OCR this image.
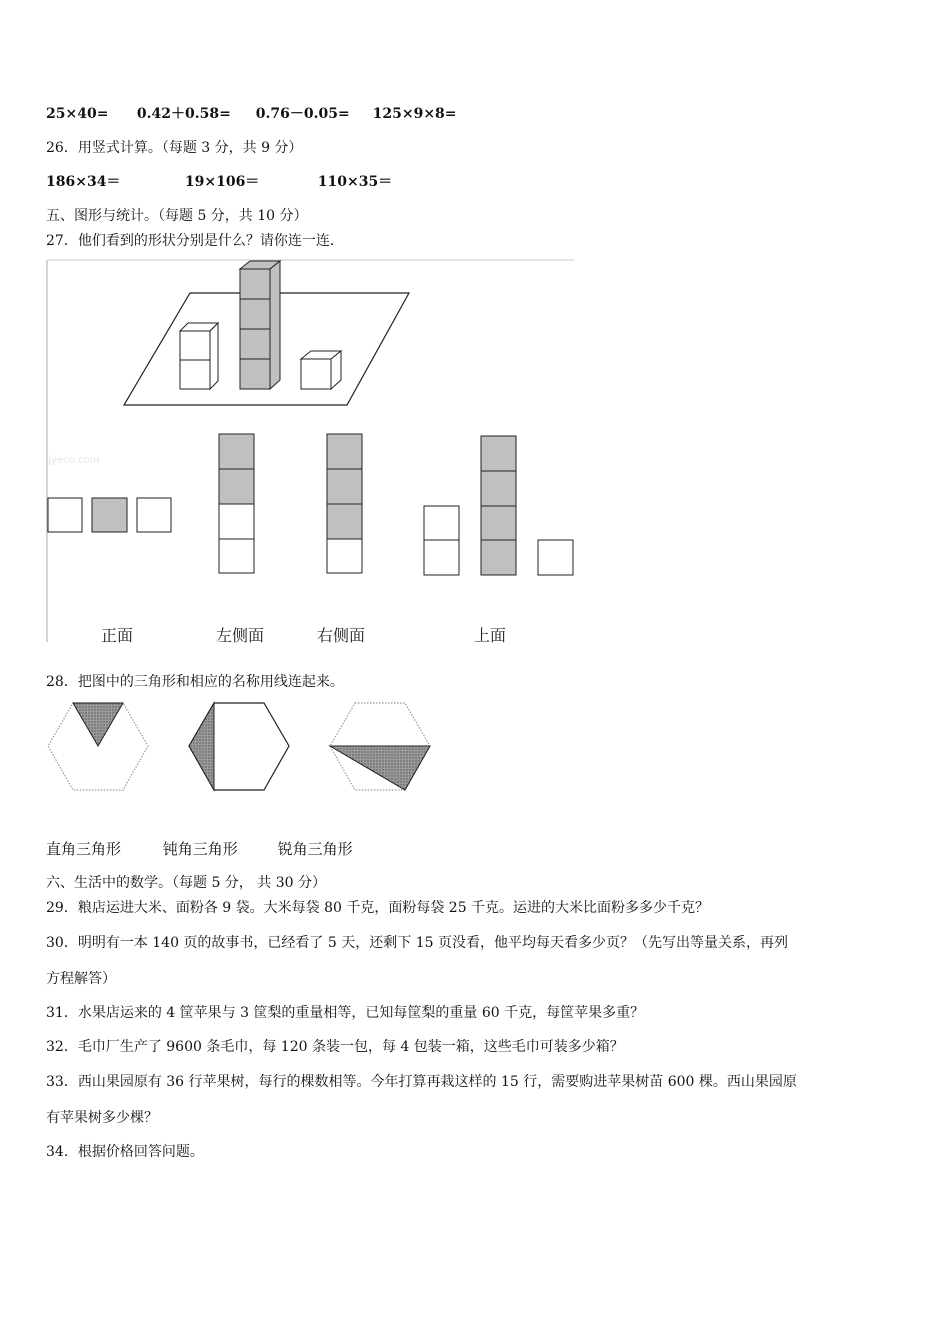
25×40= 0.42＋0.58= 0.76－0.05= 125×9×8=
26．用竖式计算。（每题 3 分，共 9 分）
186×34＝	19×106＝	110×35＝
五、图形与统计。（每题 5 分，共 10 分）
27．他们看到的形状分别是什么？请你连一连.
jyeoo.com
正面	左侧面	右侧面	上面
28．把图中的三角形和相应的名称用线连起来。
直角三角形	钝角三角形	锐角三角形
六、生活中的数学。（每题 5 分， 共 30 分）
29．粮店运进大米、面粉各 9 袋。大米每袋 80 千克，面粉每袋 25 千克。运进的大米比面粉多多少千克？
30．明明有一本 140 页的故事书，已经看了 5 天，还剩下 15 页没看，他平均每天看多少页？（先写出等量关系，再列
方程解答）
31．水果店运来的 4 筐苹果与 3 筐梨的重量相等，已知每筐梨的重量 60 千克，每筐苹果多重？
32．毛巾厂生产了 9600 条毛巾，每 120 条装一包，每 4 包装一箱，这些毛巾可装多少箱？
33．西山果园原有 36 行苹果树，每行的棵数相等。今年打算再栽这样的 15 行，需要购进苹果树苗 600 棵。西山果园原
有苹果树多少棵？
34．根据价格回答问题。
